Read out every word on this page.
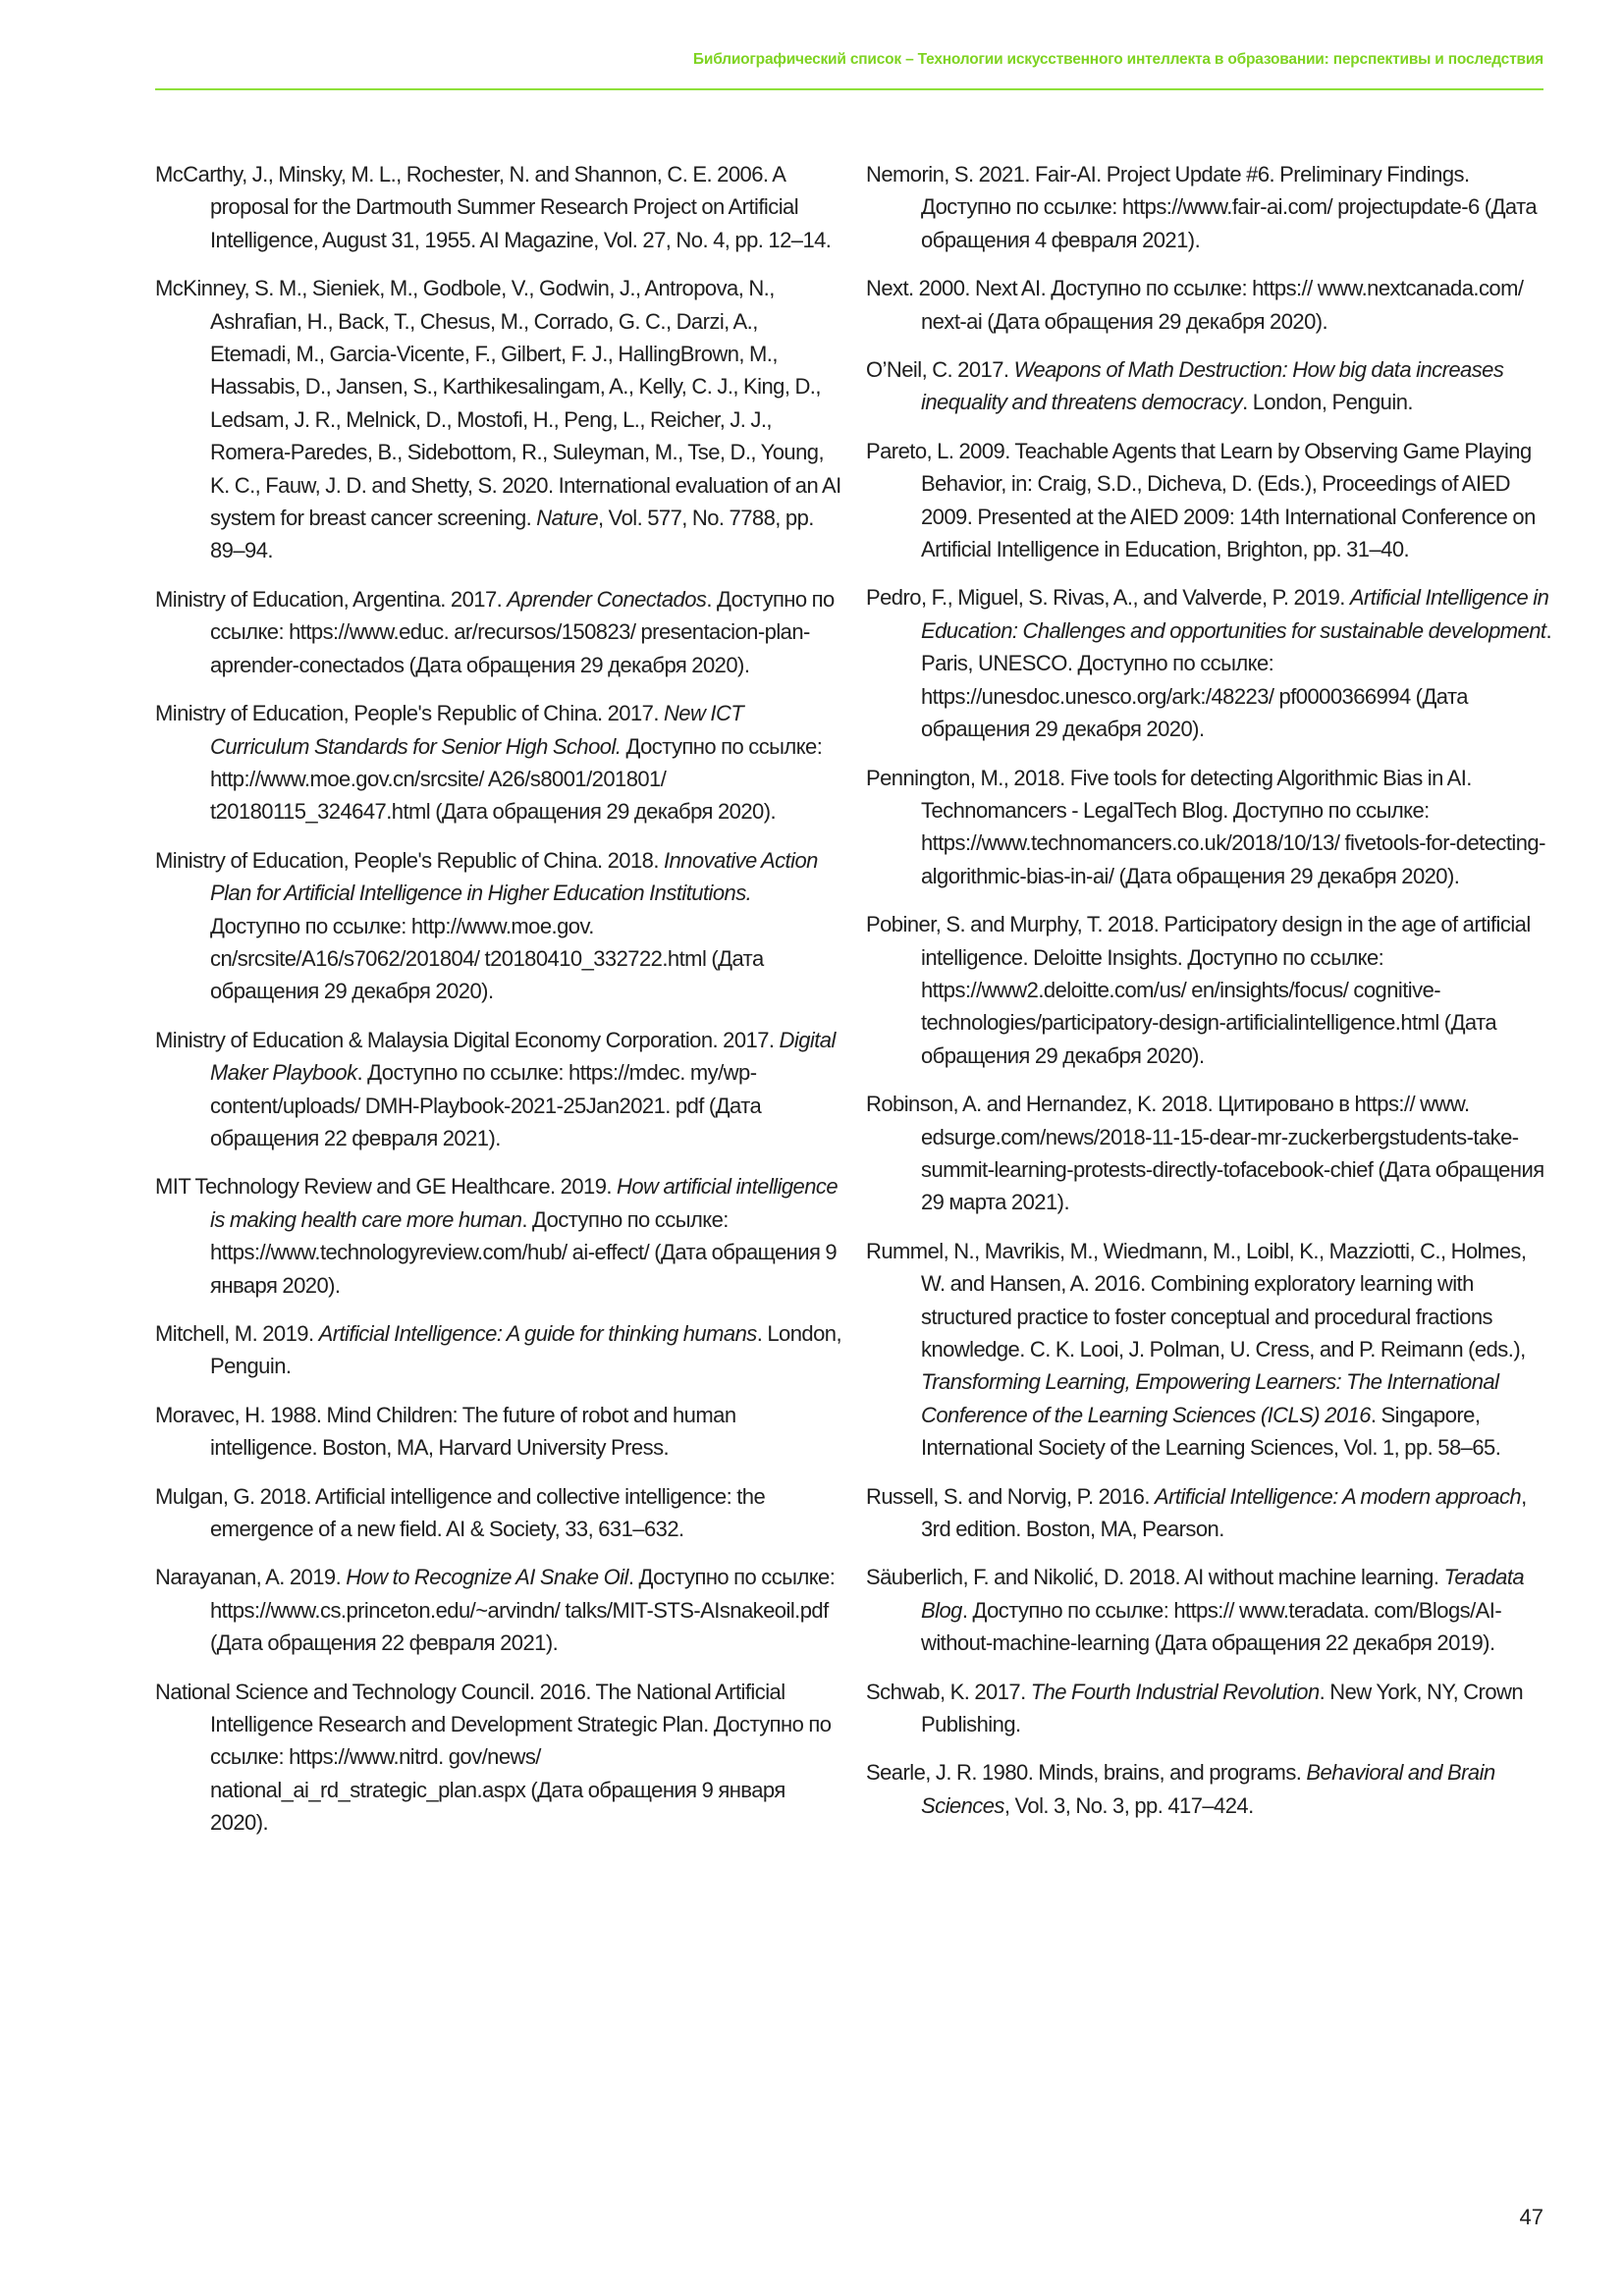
Библиографический список – Технологии искусственного интеллекта в образовании: перспективы и последствия

McCarthy, J., Minsky, M. L., Rochester, N. and Shannon, C. E. 2006. A proposal for the Dartmouth Summer Research Project on Artificial Intelligence, August 31, 1955. AI Magazine, Vol. 27, No. 4, pp. 12–14.

McKinney, S. M., Sieniek, M., Godbole, V., Godwin, J., Antropova, N., Ashrafian, H., Back, T., Chesus, M., Corrado, G. C., Darzi, A., Etemadi, M., Garcia-Vicente, F., Gilbert, F. J., HallingBrown, M., Hassabis, D., Jansen, S., Karthikesalingam, A., Kelly, C. J., King, D., Ledsam, J. R., Melnick, D., Mostofi, H., Peng, L., Reicher, J. J., Romera-Paredes, B., Sidebottom, R., Suleyman, M., Tse, D., Young, K. C., Fauw, J. D. and Shetty, S. 2020. International evaluation of an AI system for breast cancer screening. Nature, Vol. 577, No. 7788, pp. 89–94.

Ministry of Education, Argentina. 2017. Aprender Conectados. Доступно по ссылке: https://www.educ. ar/recursos/150823/ presentacion-plan-aprender-conectados (Дата обращения 29 декабря 2020).

Ministry of Education, People's Republic of China. 2017. New ICT Curriculum Standards for Senior High School. Доступно по ссылке: http://www.moe.gov.cn/srcsite/ A26/s8001/201801/ t20180115_324647.html (Дата обращения 29 декабря 2020).

Ministry of Education, People's Republic of China. 2018. Innovative Action Plan for Artificial Intelligence in Higher Education Institutions. Доступно по ссылке: http://www.moe.gov. cn/srcsite/A16/s7062/201804/ t20180410_332722.html (Дата обращения 29 декабря 2020).

Ministry of Education & Malaysia Digital Economy Corporation. 2017. Digital Maker Playbook. Доступно по ссылке: https://mdec. my/wp-content/uploads/ DMH-Playbook-2021-25Jan2021. pdf (Дата обращения 22 февраля 2021).

MIT Technology Review and GE Healthcare. 2019. How artificial intelligence is making health care more human. Доступно по ссылке: https://www.technologyreview.com/hub/ ai-effect/ (Дата обращения 9 января 2020).

Mitchell, M. 2019. Artificial Intelligence: A guide for thinking humans. London, Penguin.

Moravec, H. 1988. Mind Children: The future of robot and human intelligence. Boston, MA, Harvard University Press.

Mulgan, G. 2018. Artificial intelligence and collective intelligence: the emergence of a new field. AI & Society, 33, 631–632.

Narayanan, A. 2019. How to Recognize AI Snake Oil. Доступно по ссылке: https://www.cs.princeton.edu/~arvindn/ talks/MIT-STS-AIsnakeoil.pdf (Дата обращения 22 февраля 2021).

National Science and Technology Council. 2016. The National Artificial Intelligence Research and Development Strategic Plan. Доступно по ссылке: https://www.nitrd. gov/news/ national_ai_rd_strategic_plan.aspx (Дата обращения 9 января 2020).

Nemorin, S. 2021. Fair-AI. Project Update #6. Preliminary Findings. Доступно по ссылке: https://www.fair-ai.com/ projectupdate-6 (Дата обращения 4 февраля 2021).

Next. 2000. Next AI. Доступно по ссылке: https:// www.nextcanada.com/ next-ai (Дата обращения 29 декабря 2020).

O’Neil, C. 2017. Weapons of Math Destruction: How big data increases inequality and threatens democracy. London, Penguin.

Pareto, L. 2009. Teachable Agents that Learn by Observing Game Playing Behavior, in: Craig, S.D., Dicheva, D. (Eds.), Proceedings of AIED 2009. Presented at the AIED 2009: 14th International Conference on Artificial Intelligence in Education, Brighton, pp. 31–40.

Pedro, F., Miguel, S. Rivas, A., and Valverde, P. 2019. Artificial Intelligence in Education: Challenges and opportunities for sustainable development. Paris, UNESCO. Доступно по ссылке: https://unesdoc.unesco.org/ark:/48223/ pf0000366994 (Дата обращения 29 декабря 2020).

Pennington, M., 2018. Five tools for detecting Algorithmic Bias in AI. Technomancers - LegalTech Blog. Доступно по ссылке: https://www.technomancers.co.uk/2018/10/13/ fivetools-for-detecting-algorithmic-bias-in-ai/ (Дата обращения 29 декабря 2020).

Pobiner, S. and Murphy, T. 2018. Participatory design in the age of artificial intelligence. Deloitte Insights. Доступно по ссылке: https://www2.deloitte.com/us/ en/insights/focus/ cognitive-technologies/participatory-design-artificialintelligence.html (Дата обращения 29 декабря 2020).

Robinson, A. and Hernandez, K. 2018. Цитировано в https:// www. edsurge.com/news/2018-11-15-dear-mr-zuckerbergstudents-take-summit-learning-protests-directly-tofacebook-chief (Дата обращения 29 марта 2021).

Rummel, N., Mavrikis, M., Wiedmann, M., Loibl, K., Mazziotti, C., Holmes, W. and Hansen, A. 2016. Combining exploratory learning with structured practice to foster conceptual and procedural fractions knowledge. C. K. Looi, J. Polman, U. Cress, and P. Reimann (eds.), Transforming Learning, Empowering Learners: The International Conference of the Learning Sciences (ICLS) 2016. Singapore, International Society of the Learning Sciences, Vol. 1, pp. 58–65.

Russell, S. and Norvig, P. 2016. Artificial Intelligence: A modern approach, 3rd edition. Boston, MA, Pearson.

Säuberlich, F. and Nikolić, D. 2018. AI without machine learning. Teradata Blog. Доступно по ссылке: https:// www.teradata. com/Blogs/AI-without-machine-learning (Дата обращения 22 декабря 2019).

Schwab, K. 2017. The Fourth Industrial Revolution. New York, NY, Crown Publishing.

Searle, J. R. 1980. Minds, brains, and programs. Behavioral and Brain Sciences, Vol. 3, No. 3, pp. 417–424.

47
